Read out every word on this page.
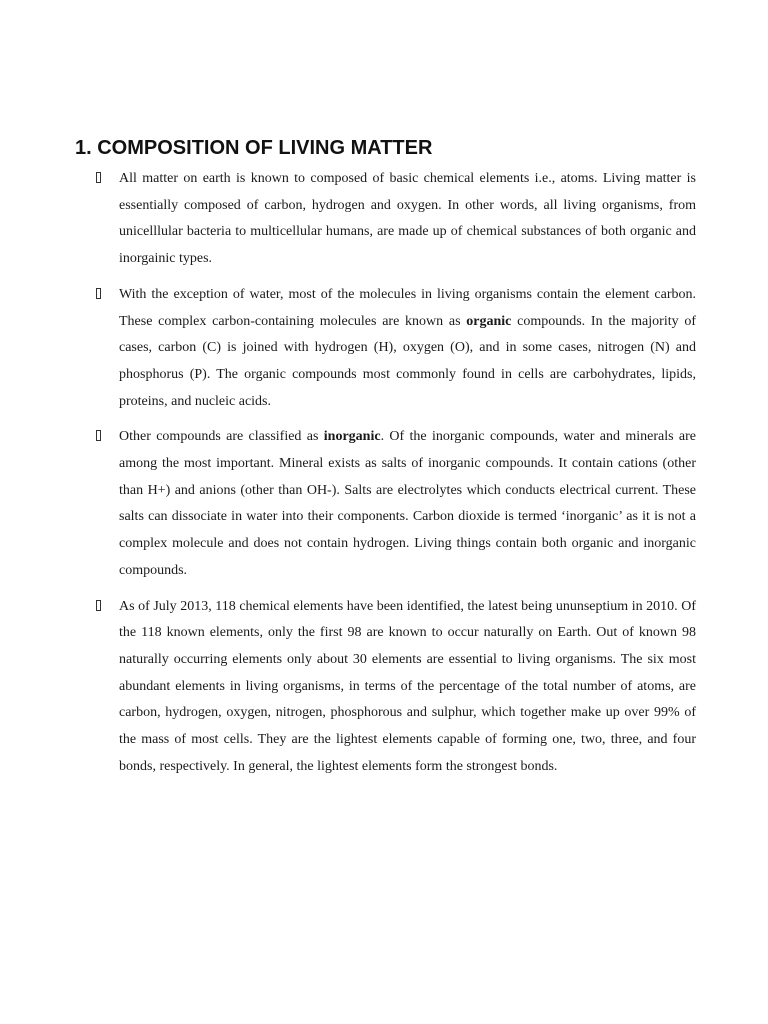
1. COMPOSITION OF LIVING MATTER
All matter on earth is known to composed of basic chemical elements i.e., atoms. Living matter is essentially composed of carbon, hydrogen and oxygen. In other words, all living organisms, from unicelllular bacteria to multicellular humans, are made up of chemical substances of both organic and inorgainic types.
With the exception of water, most of the molecules in living organisms contain the element carbon. These complex carbon-containing molecules are known as organic compounds. In the majority of cases, carbon (C) is joined with hydrogen (H), oxygen (O), and in some cases, nitrogen (N) and phosphorus (P). The organic compounds most commonly found in cells are carbohydrates, lipids, proteins, and nucleic acids.
Other compounds are classified as inorganic. Of the inorganic compounds, water and minerals are among the most important. Mineral exists as salts of inorganic compounds. It contain cations (other than H+) and anions (other than OH-). Salts are electrolytes which conducts electrical current. These salts can dissociate in water into their components. Carbon dioxide is termed ‘inorganic’ as it is not a complex molecule and does not contain hydrogen. Living things contain both organic and inorganic compounds.
As of July 2013, 118 chemical elements have been identified, the latest being ununseptium in 2010. Of the 118 known elements, only the first 98 are known to occur naturally on Earth. Out of known 98 naturally occurring elements only about 30 elements are essential to living organisms. The six most abundant elements in living organisms, in terms of the percentage of the total number of atoms, are carbon, hydrogen, oxygen, nitrogen, phosphorous and sulphur, which together make up over 99% of the mass of most cells. They are the lightest elements capable of forming one, two, three, and four bonds, respectively. In general, the lightest elements form the strongest bonds.
